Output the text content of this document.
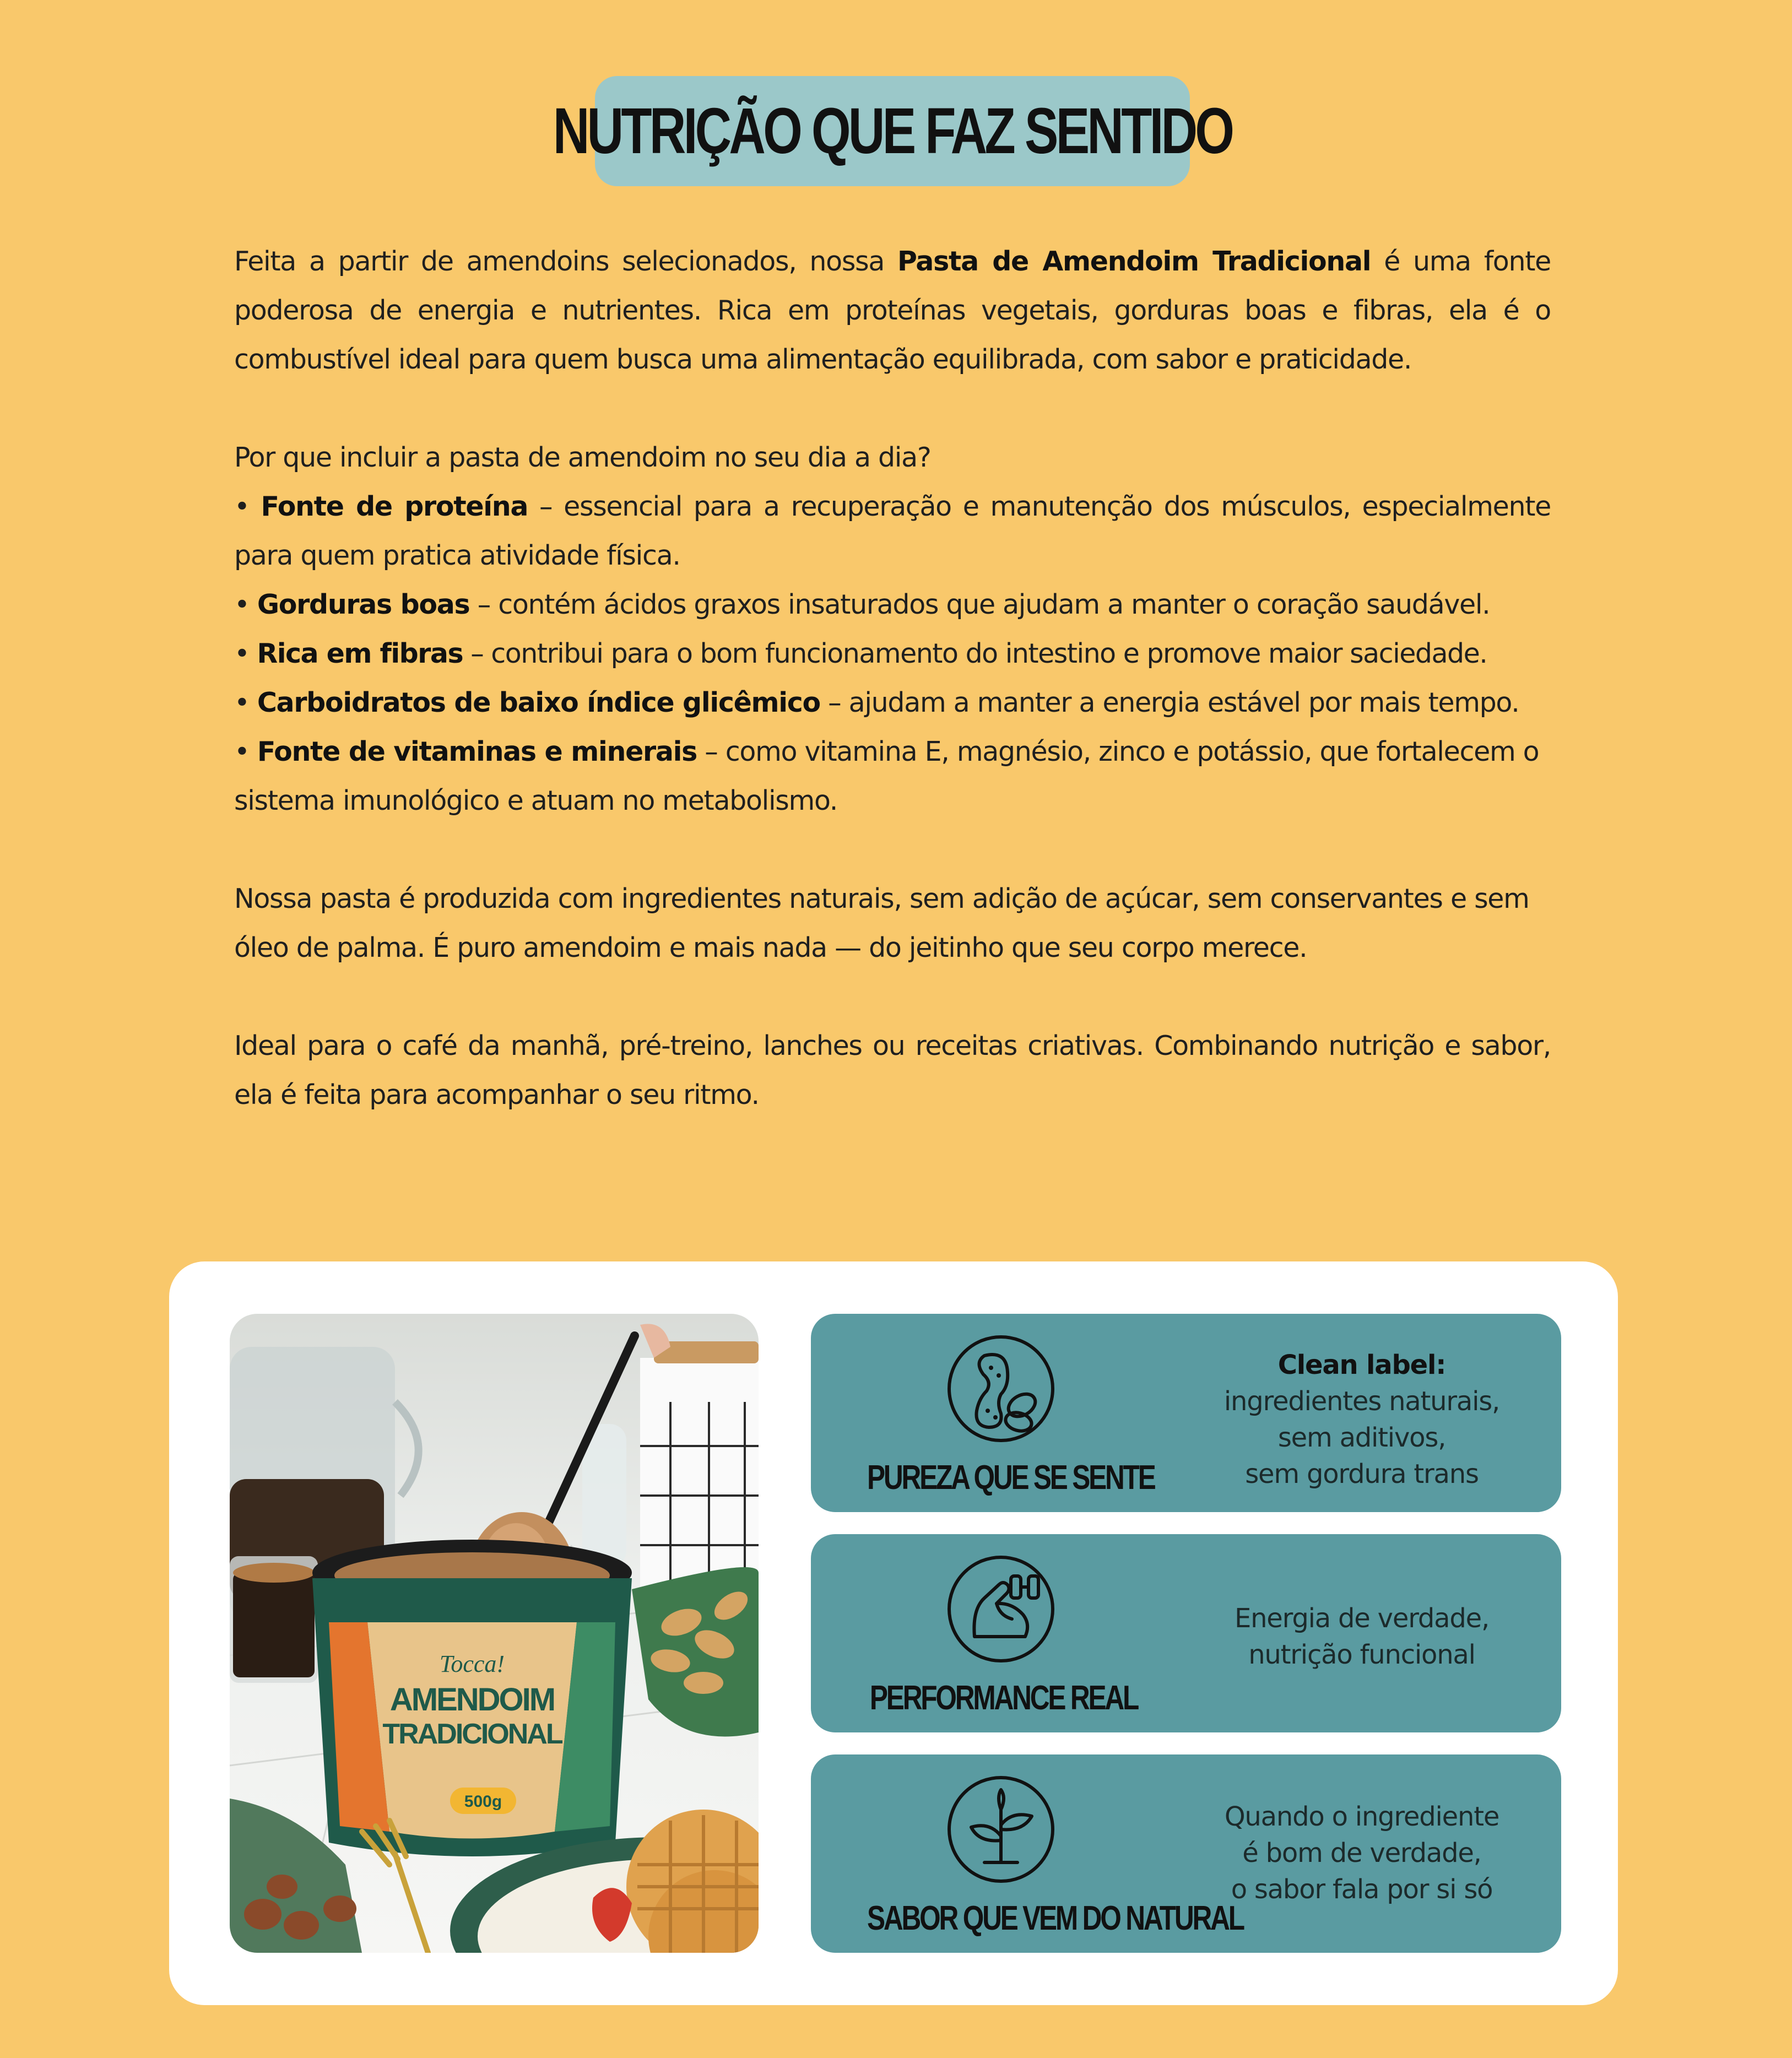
NUTRIÇÃO QUE FAZ SENTIDO

Feita a partir de amendoins selecionados, nossa Pasta de Amendoim Tradicional é uma fonte poderosa de energia e nutrientes. Rica em proteínas vegetais, gorduras boas e fibras, ela é o combustível ideal para quem busca uma alimentação equilibrada, com sabor e praticidade.

Por que incluir a pasta de amendoim no seu dia a dia?

• Fonte de proteína – essencial para a recuperação e manutenção dos músculos, especialmente para quem pratica atividade física.

• Gorduras boas – contém ácidos graxos insaturados que ajudam a manter o coração saudável.

• Rica em fibras – contribui para o bom funcionamento do intestino e promove maior saciedade.

• Carboidratos de baixo índice glicêmico – ajudam a manter a energia estável por mais tempo.

• Fonte de vitaminas e minerais – como vitamina E, magnésio, zinco e potássio, que fortalecem o sistema imunológico e atuam no metabolismo.

Nossa pasta é produzida com ingredientes naturais, sem adição de açúcar, sem conservantes e sem óleo de palma. É puro amendoim e mais nada — do jeitinho que seu corpo merece.

Ideal para o café da manhã, pré-treino, lanches ou receitas criativas. Combinando nutrição e sabor, ela é feita para acompanhar o seu ritmo.

500g
Tocca!
AMENDOIM
TRADICIONAL
PUREZA QUE SE SENTE
Clean label:
ingredientes naturais,
sem aditivos,
sem gordura trans
PERFORMANCE REAL
Energia de verdade,
nutrição funcional
SABOR QUE VEM DO NATURAL
Quando o ingrediente
é bom de verdade,
o sabor fala por si só
